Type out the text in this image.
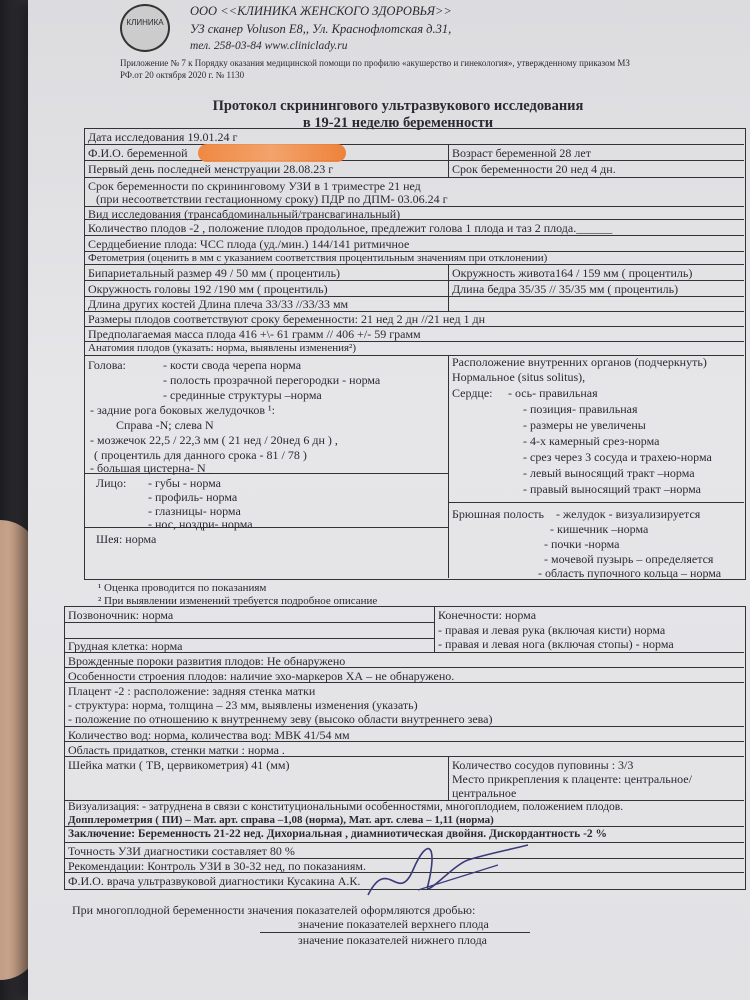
КЛИНИКА
ООО <<КЛИНИКА ЖЕНСКОГО ЗДОРОВЬЯ>>
УЗ сканер Voluson E8,, Ул. Краснофлотская д.31,
тел. 258-03-84 www.cliniclady.ru
Приложение № 7 к Порядку оказания медицинской помощи по профилю «акушерство и гинекология», утвержденному приказом МЗ
РФ.от 20 октября 2020 г. № 1130
Протокол скринингового ультразвукового исследования
в 19-21 неделю беременности
Дата исследования 19.01.24 г
Ф.И.О. беременной	Возраст беременной 28 лет
Первый день последней менструации 28.08.23 г	Срок беременности 20 нед 4 дн.
Срок беременности по скрининговому УЗИ в 1 триместре 21 нед
(при несоответствии гестационному сроку) ПДР по ДПМ- 03.06.24 г
Вид исследования (трансабдоминальный/трансвагинальный)
Количество плодов -2 , положение плодов продольное, предлежит голова 1 плода и таз 2 плода.______
Сердцебиение плода: ЧСС плода (уд./мин.) 144/141 ритмичное
Фетометрия (оценить в мм с указанием соответствия процентильным значениям при отклонении)
Бипариетальный размер 49 / 50 мм ( процентиль)	Окружность живота164 / 159 мм ( процентиль)
Окружность головы 192 /190 мм ( процентиль)	Длина бедра 35/35 // 35/35 мм ( процентиль)
Длина других костей Длина плеча 33/33 //33/33 мм
Размеры плодов соответствуют сроку беременности: 21 нед 2 дн //21 нед 1 дн
Предполагаемая масса плода 416 +\- 61 грамм // 406 +/- 59 грамм
Анатомия плодов (указать: норма, выявлены изменения²)
Голова:	- кости свода черепа норма
- полость прозрачной перегородки - норма
- срединные структуры –норма
- задние рога боковых желудочков ¹:
Справа -N; слева N
- мозжечок 22,5 / 22,3 мм ( 21 нед / 20нед 6 дн ) ,
( процентиль для данного срока - 81 / 78 )
- большая цистерна- N_
Лицо: - губы - норма
- профиль- норма
- глазницы- норма
- нос, ноздри- норма
Шея: норма
Расположение внутренних органов (подчеркнуть)
Нормальное (situs solitus),
Сердце: - ось- правильная
- позиция- правильная
- размеры не увеличены
- 4-х камерный срез-норма
- срез через 3 сосуда и трахею-норма
- левый выносящий тракт –норма
- правый выносящий тракт –норма
Брюшная полость - желудок - визуализируется
- кишечник –норма
- почки -норма
- мочевой пузырь – определяется
- область пупочного кольца – норма
¹ Оценка проводится по показаниям
² При выявлении изменений требуется подробное описание
Позвоночник: норма	Конечности: норма
- правая и левая рука (включая кисти) норма
- правая и левая нога (включая стопы) - норма
Грудная клетка: норма
Врожденные пороки развития плодов: Не обнаружено
Особенности строения плодов: наличие эхо-маркеров ХА – не обнаружено.
Плацент -2 : расположение: задняя стенка матки
- структура: норма, толщина – 23 мм, выявлены изменения (указать)
- положение по отношению к внутреннему зеву (высоко области внутреннего зева)
Количество вод: норма, количества вод: МВК 41/54 мм
Область придатков, стенки матки : норма .
Шейка матки ( ТВ, цервикометрия) 41 (мм)	Количество сосудов пуповины : 3/3
Место прикрепления к плаценте: центральное/
центральное
Визуализация: - затруднена в связи с конституциональными особенностями, многоплодием, положением плодов.
Допплерометрия ( ПИ) – Мат. арт. справа –1,08 (норма), Мат. арт. слева – 1,11 (норма)
Заключение: Беременность 21-22 нед. Дихориальная , диамниотическая двойня. Дискордантность -2 %
Точность УЗИ диагностики составляет 80 %
Рекомендации: Контроль УЗИ в 30-32 нед, по показаниям.
Ф.И.О. врача ультразвуковой диагностики Кусакина А.К.
При многоплодной беременности значения показателей оформляются дробью:
значение показателей верхнего плода
значение показателей нижнего плода
